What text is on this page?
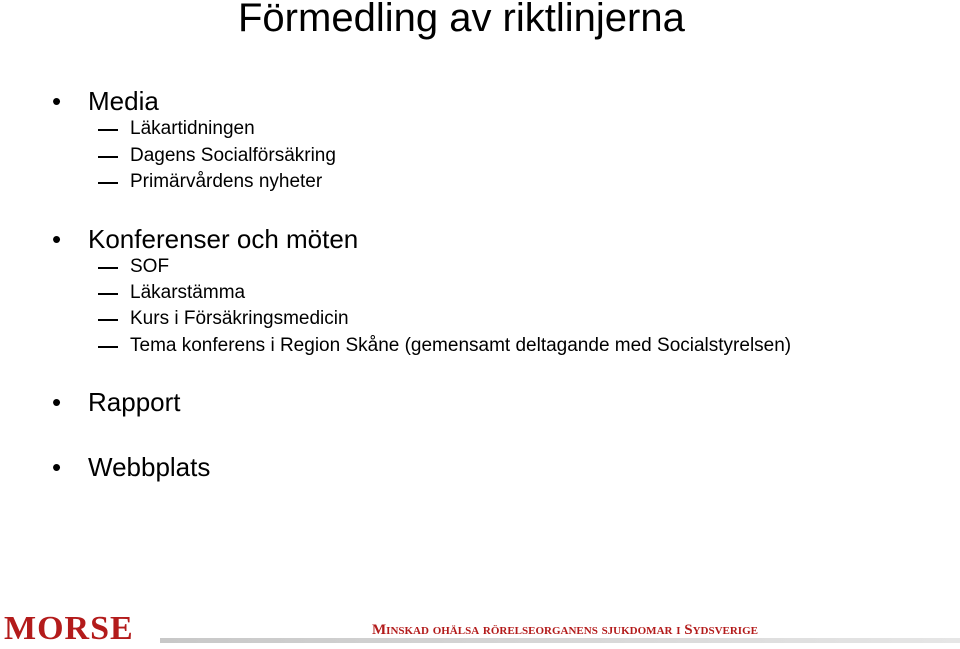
Förmedling av riktlinjerna
• Media
Läkartidningen
Dagens Socialförsäkring
Primärvårdens nyheter
• Konferenser och möten
SOF
Läkarstämma
Kurs i Försäkringsmedicin
Tema konferens i Region Skåne (gemensamt deltagande med Socialstyrelsen)
• Rapport
• Webbplats
MORSE	Minskad ohälsa rörelseorganens sjukdomar i Sydsverige
